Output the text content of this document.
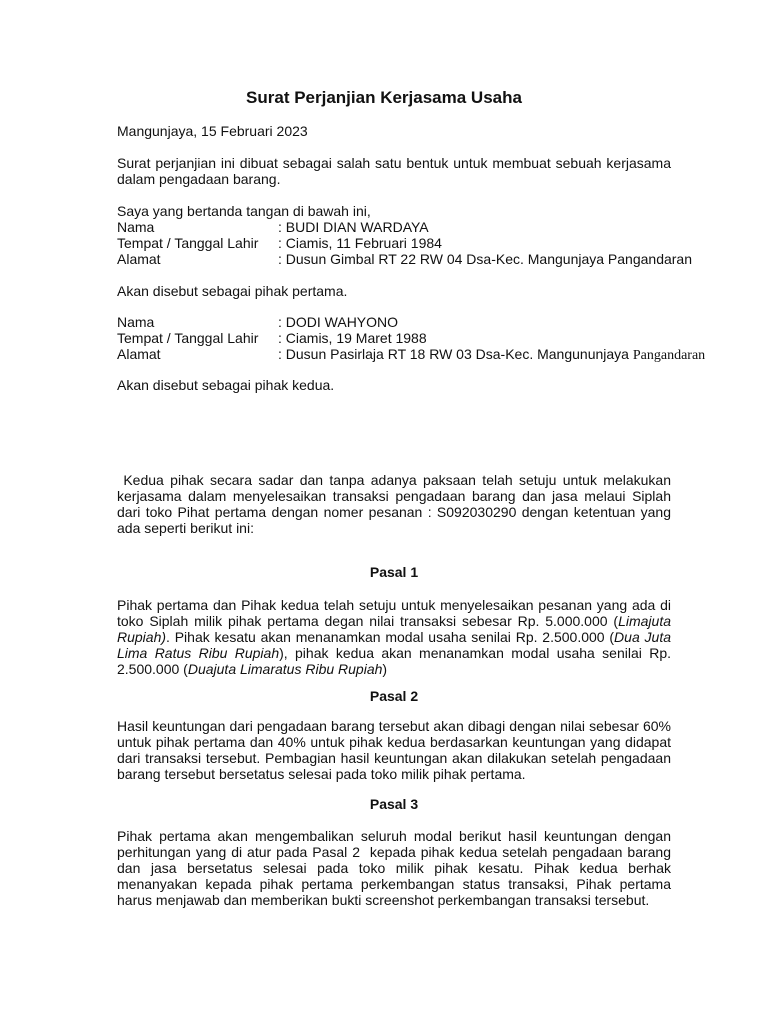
Surat Perjanjian Kerjasama Usaha
Mangunjaya, 15 Februari 2023
Surat perjanjian ini dibuat sebagai salah satu bentuk untuk membuat sebuah kerjasama dalam pengadaan barang.
Saya yang bertanda tangan di bawah ini,
Nama	: BUDI DIAN WARDAYA
Tempat / Tanggal Lahir : Ciamis, 11 Februari 1984
Alamat	: Dusun Gimbal RT 22 RW 04 Dsa-Kec. Mangunjaya Pangandaran
Akan disebut sebagai pihak pertama.
Nama	: DODI WAHYONO
Tempat / Tanggal Lahir : Ciamis, 19 Maret 1988
Alamat	: Dusun Pasirlaja RT 18 RW 03 Dsa-Kec. Mangununjaya Pangandaran
Akan disebut sebagai pihak kedua.
Kedua pihak secara sadar dan tanpa adanya paksaan telah setuju untuk melakukan kerjasama dalam menyelesaikan transaksi pengadaan barang dan jasa melaui Siplah dari toko Pihat pertama dengan nomer pesanan : S092030290 dengan ketentuan yang ada seperti berikut ini:
Pasal 1
Pihak pertama dan Pihak kedua telah setuju untuk menyelesaikan pesanan yang ada di toko Siplah milik pihak pertama degan nilai transaksi sebesar Rp. 5.000.000 (Limajuta Rupiah). Pihak kesatu akan menanamkan modal usaha senilai Rp. 2.500.000 (Dua Juta Lima Ratus Ribu Rupiah), pihak kedua akan menanamkan modal usaha senilai Rp. 2.500.000 (Duajuta Limaratus Ribu Rupiah)
Pasal 2
Hasil keuntungan dari pengadaan barang tersebut akan dibagi dengan nilai sebesar 60% untuk pihak pertama dan 40% untuk pihak kedua berdasarkan keuntungan yang didapat dari transaksi tersebut. Pembagian hasil keuntungan akan dilakukan setelah pengadaan barang tersebut bersetatus selesai pada toko milik pihak pertama.
Pasal 3
Pihak pertama akan mengembalikan seluruh modal berikut hasil keuntungan dengan perhitungan yang di atur pada Pasal 2  kepada pihak kedua setelah pengadaan barang dan jasa bersetatus selesai pada toko milik pihak kesatu. Pihak kedua berhak menanyakan kepada pihak pertama perkembangan status transaksi, Pihak pertama harus menjawab dan memberikan bukti screenshot perkembangan transaksi tersebut.
